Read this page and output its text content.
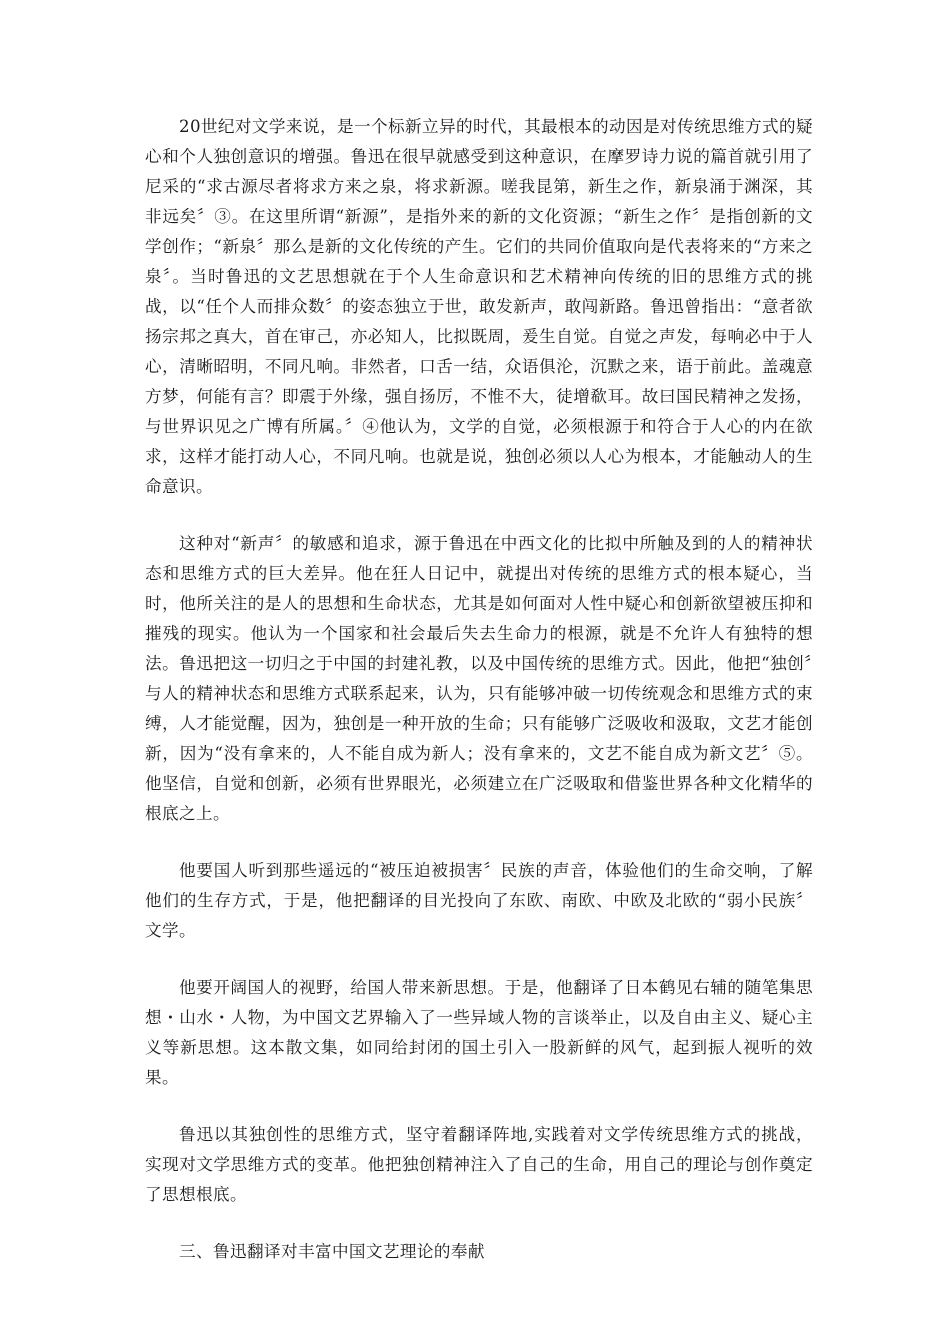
20世纪对文学来说，是一个标新立异的时代，其最根本的动因是对传统思维方式的疑心和个人独创意识的增强。鲁迅在很早就感受到这种意识，在摩罗诗力说的篇首就引用了尼采的“求古源尽者将求方来之泉，将求新源。嗟我昆第，新生之作，新泉涌于渊深，其非远矣〞③。在这里所谓“新源”，是指外来的新的文化资源；“新生之作〞是指创新的文学创作；“新泉〞那么是新的文化传统的产生。它们的共同价值取向是代表将来的“方来之泉〞。当时鲁迅的文艺思想就在于个人生命意识和艺术精神向传统的旧的思维方式的挑战，以“任个人而排众数〞的姿态独立于世，敢发新声，敢闯新路。鲁迅曾指出：“意者欲扬宗邦之真大，首在审己，亦必知人，比拟既周，爰生自觉。自觉之声发，每响必中于人心，清晰昭明，不同凡响。非然者，口舌一结，众语俱沦，沉默之来，语于前此。盖魂意方梦，何能有言？即震于外缘，强自扬厉，不惟不大，徒增欷耳。故曰国民精神之发扬，与世界识见之广博有所属。〞④他认为，文学的自觉，必须根源于和符合于人心的内在欲求，这样才能打动人心，不同凡响。也就是说，独创必须以人心为根本，才能触动人的生命意识。

这种对“新声〞的敏感和追求，源于鲁迅在中西文化的比拟中所触及到的人的精神状态和思维方式的巨大差异。他在狂人日记中，就提出对传统的思维方式的根本疑心，当时，他所关注的是人的思想和生命状态，尤其是如何面对人性中疑心和创新欲望被压抑和摧残的现实。他认为一个国家和社会最后失去生命力的根源，就是不允许人有独特的想法。鲁迅把这一切归之于中国的封建礼教，以及中国传统的思维方式。因此，他把“独创〞与人的精神状态和思维方式联系起来，认为，只有能够冲破一切传统观念和思维方式的束缚，人才能觉醒，因为，独创是一种开放的生命；只有能够广泛吸收和汲取，文艺才能创新，因为“没有拿来的，人不能自成为新人；没有拿来的，文艺不能自成为新文艺〞⑤。他坚信，自觉和创新，必须有世界眼光，必须建立在广泛吸取和借鉴世界各种文化精华的根底之上。

他要国人听到那些遥远的“被压迫被损害〞民族的声音，体验他们的生命交响，了解他们的生存方式，于是，他把翻译的目光投向了东欧、南欧、中欧及北欧的“弱小民族〞文学。

他要开阔国人的视野，给国人带来新思想。于是，他翻译了日本鹤见右辅的随笔集思想・山水・人物，为中国文艺界输入了一些异域人物的言谈举止，以及自由主义、疑心主义等新思想。这本散文集，如同给封闭的国土引入一股新鲜的风气，起到振人视听的效果。

鲁迅以其独创性的思维方式，坚守着翻译阵地,实践着对文学传统思维方式的挑战，实现对文学思维方式的变革。他把独创精神注入了自己的生命，用自己的理论与创作奠定了思想根底。

三、鲁迅翻译对丰富中国文艺理论的奉献
